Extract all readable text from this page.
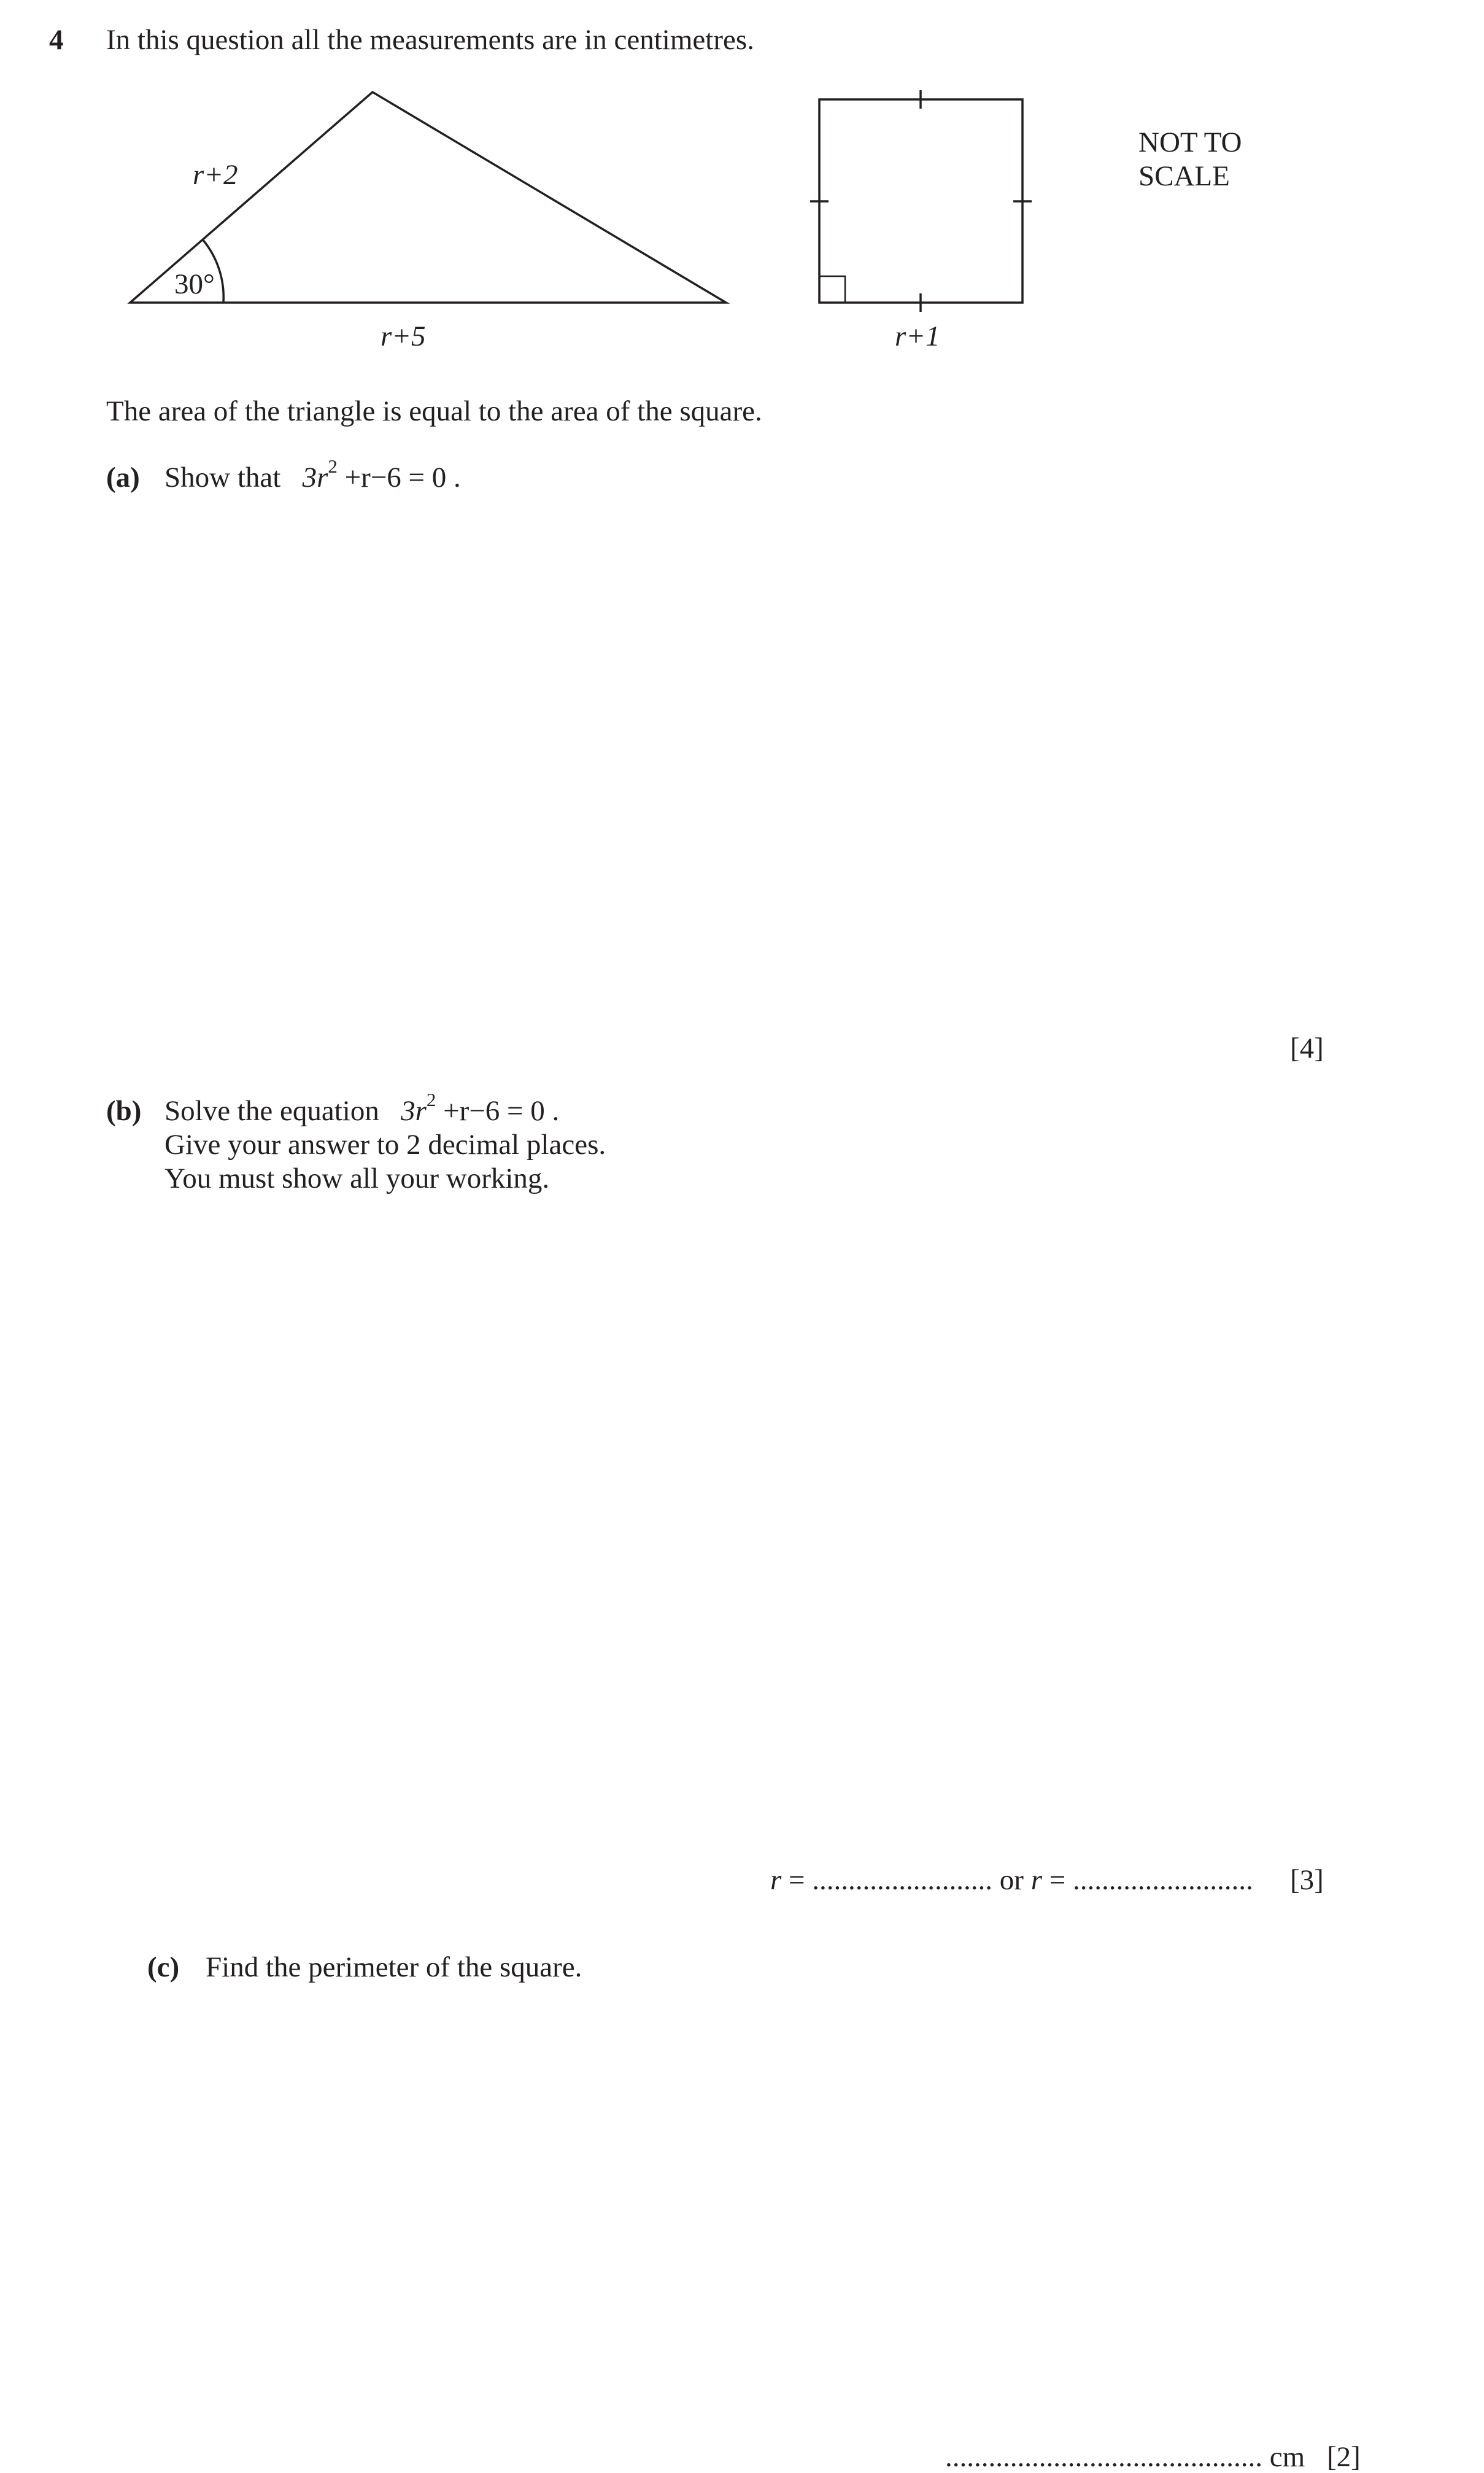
4 In this question all the measurements are in centimetres.
r+2
30°
r+5	r+1
NOT TO
SCALE
The area of the triangle is equal to the area of the square.
(a) Show that $3r^2 +r-6 = 0$ .
[4]
(b) Solve the equation $3r^2 +r-6 = 0$ .
Give your answer to 2 decimal places.
You must show all your working.
r = ......................... or r = ......................... [3]
(c) Find the perimeter of the square.
............................................ cm [2]
